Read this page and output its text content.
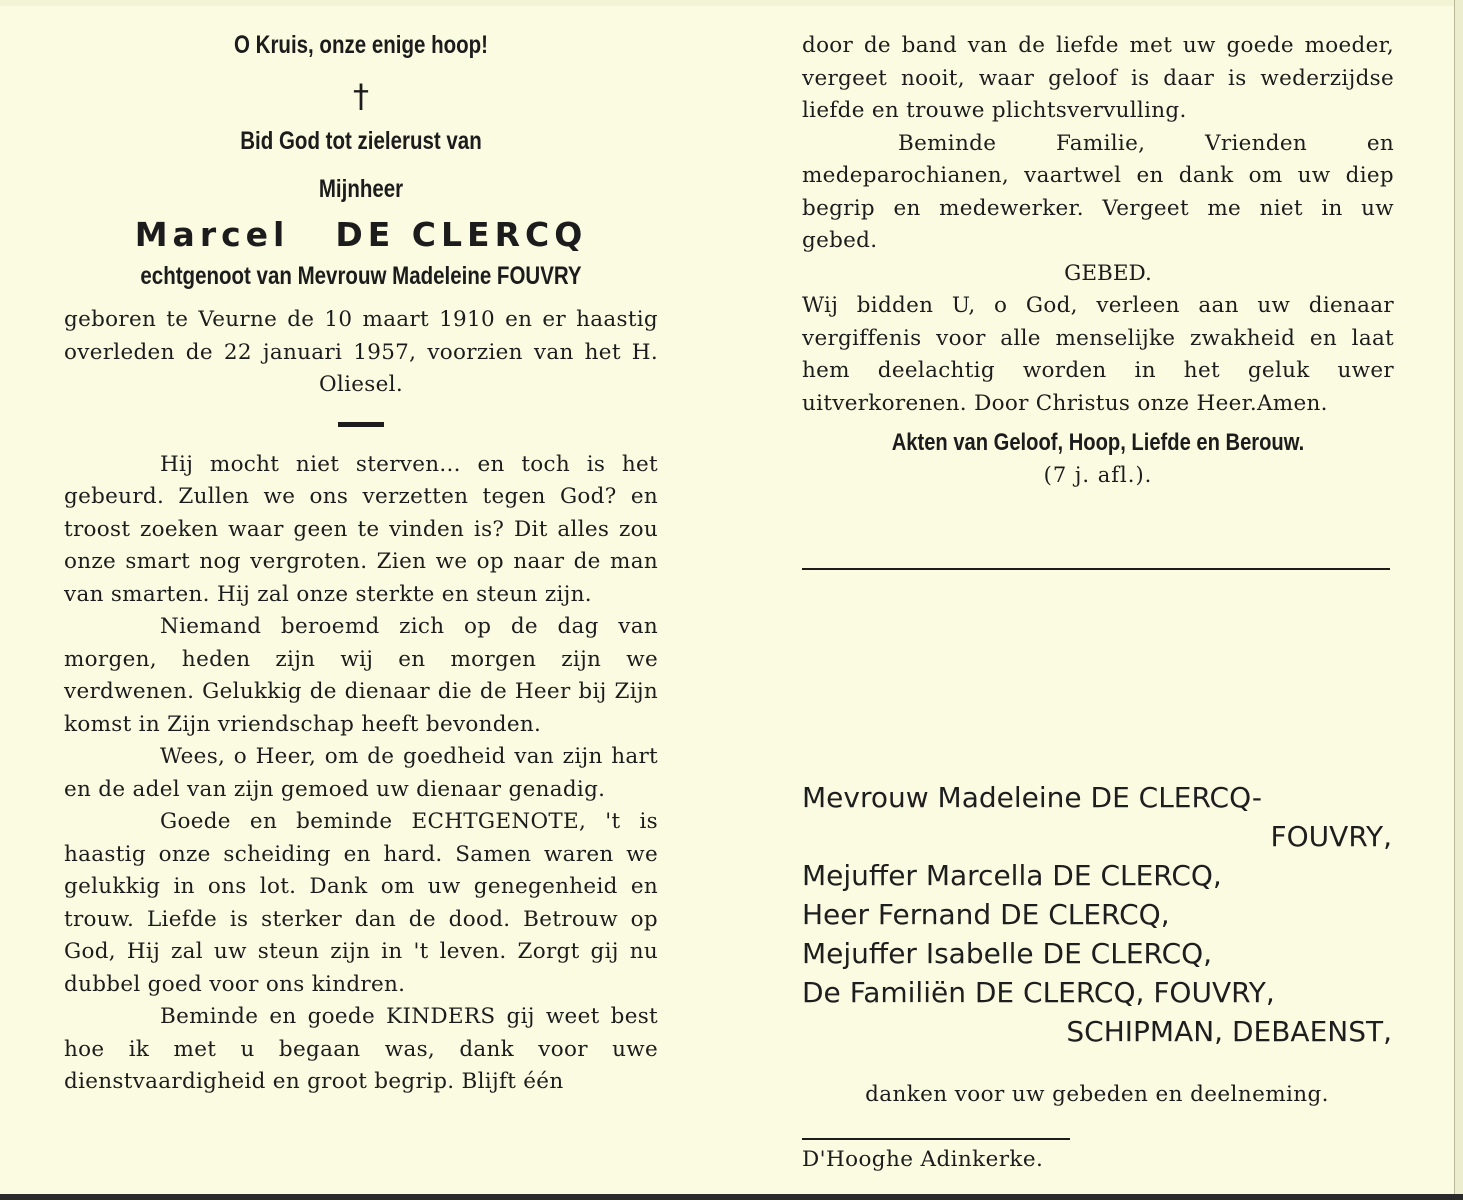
O Kruis, onze enige hoop!
†
Bid God tot zielerust van
Mijnheer
Marcel DE CLERCQ
echtgenoot van Mevrouw Madeleine FOUVRY
geboren te Veurne de 10 maart 1910 en er haastig overleden de 22 januari 1957, voorzien van het H. Oliesel.
Hij mocht niet sterven... en toch is het gebeurd. Zullen we ons verzetten tegen God? en troost zoeken waar geen te vinden is? Dit alles zou onze smart nog vergroten. Zien we op naar de man van smarten. Hij zal onze sterkte en steun zijn.
Niemand beroemd zich op de dag van morgen, heden zijn wij en morgen zijn we verdwenen. Gelukkig de dienaar die de Heer bij Zijn komst in Zijn vriendschap heeft bevonden.
Wees, o Heer, om de goedheid van zijn hart en de adel van zijn gemoed uw dienaar genadig.
Goede en beminde ECHTGENOTE, 't is haastig onze scheiding en hard. Samen waren we gelukkig in ons lot. Dank om uw genegenheid en trouw. Liefde is sterker dan de dood. Betrouw op God, Hij zal uw steun zijn in 't leven. Zorgt gij nu dubbel goed voor ons kindren.
Beminde en goede KINDERS gij weet best hoe ik met u begaan was, dank voor uwe dienstvaardigheid en groot begrip. Blijft één
door de band van de liefde met uw goede moeder, vergeet nooit, waar geloof is daar is wederzijdse liefde en trouwe plichtsvervulling.
Beminde Familie, Vrienden en medeparochianen, vaartwel en dank om uw diep begrip en medewerker. Vergeet me niet in uw gebed.
GEBED.
Wij bidden U, o God, verleen aan uw dienaar vergiffenis voor alle menselijke zwakheid en laat hem deelachtig worden in het geluk uwer uitverkorenen. Door Christus onze Heer.Amen.
Akten van Geloof, Hoop, Liefde en Berouw.
(7 j. afl.).
Mevrouw Madeleine DE CLERCQ-
FOUVRY,
Mejuffer Marcella DE CLERCQ,
Heer Fernand DE CLERCQ,
Mejuffer Isabelle DE CLERCQ,
De Familiën DE CLERCQ, FOUVRY,
SCHIPMAN, DEBAENST,
danken voor uw gebeden en deelneming.
D'Hooghe Adinkerke.
